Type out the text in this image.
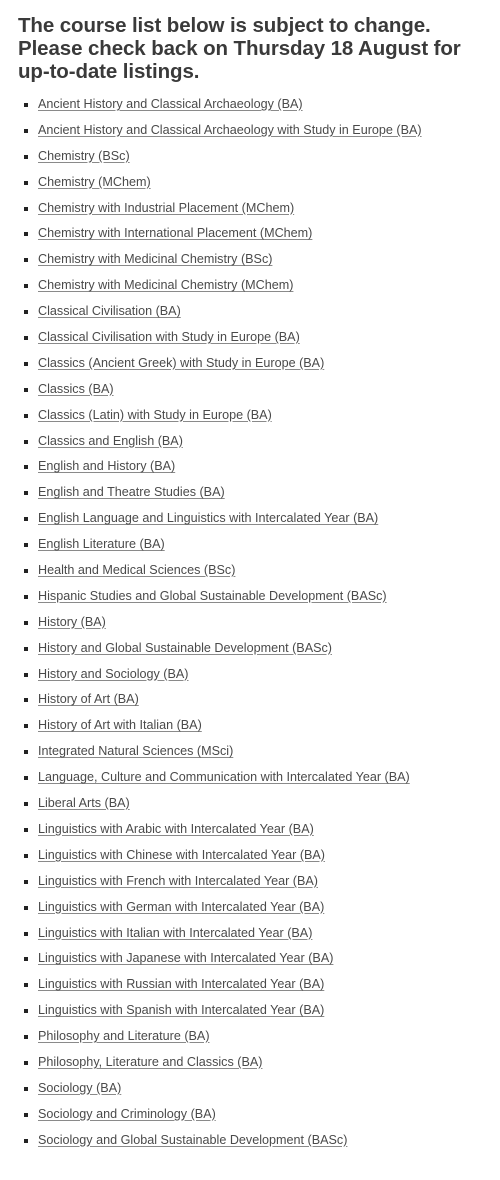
The course list below is subject to change. Please check back on Thursday 18 August for up-to-date listings.
Ancient History and Classical Archaeology (BA)
Ancient History and Classical Archaeology with Study in Europe (BA)
Chemistry (BSc)
Chemistry (MChem)
Chemistry with Industrial Placement (MChem)
Chemistry with International Placement (MChem)
Chemistry with Medicinal Chemistry (BSc)
Chemistry with Medicinal Chemistry (MChem)
Classical Civilisation (BA)
Classical Civilisation with Study in Europe (BA)
Classics (Ancient Greek) with Study in Europe (BA)
Classics (BA)
Classics (Latin) with Study in Europe (BA)
Classics and English (BA)
English and History (BA)
English and Theatre Studies (BA)
English Language and Linguistics with Intercalated Year (BA)
English Literature (BA)
Health and Medical Sciences (BSc)
Hispanic Studies and Global Sustainable Development (BASc)
History (BA)
History and Global Sustainable Development (BASc)
History and Sociology (BA)
History of Art (BA)
History of Art with Italian (BA)
Integrated Natural Sciences (MSci)
Language, Culture and Communication with Intercalated Year (BA)
Liberal Arts (BA)
Linguistics with Arabic with Intercalated Year (BA)
Linguistics with Chinese with Intercalated Year (BA)
Linguistics with French with Intercalated Year (BA)
Linguistics with German with Intercalated Year (BA)
Linguistics with Italian with Intercalated Year (BA)
Linguistics with Japanese with Intercalated Year (BA)
Linguistics with Russian with Intercalated Year (BA)
Linguistics with Spanish with Intercalated Year (BA)
Philosophy and Literature (BA)
Philosophy, Literature and Classics (BA)
Sociology (BA)
Sociology and Criminology (BA)
Sociology and Global Sustainable Development (BASc)
